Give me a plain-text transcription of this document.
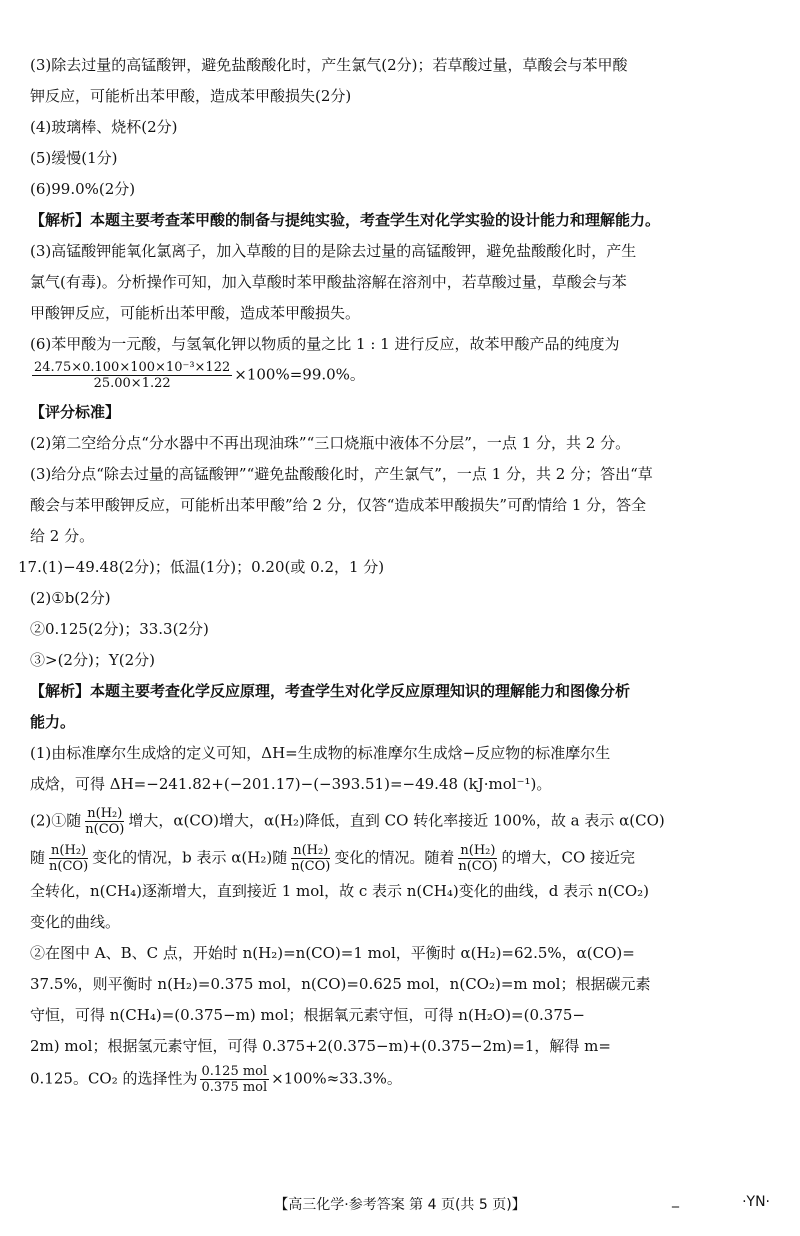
(3)除去过量的高锰酸钾，避免盐酸酸化时，产生氯气(2分)；若草酸过量，草酸会与苯甲酸

钾反应，可能析出苯甲酸，造成苯甲酸损失(2分)

(4)玻璃棒、烧杯(2分)

(5)缓慢(1分)

(6)99.0%(2分)

【解析】本题主要考查苯甲酸的制备与提纯实验，考查学生对化学实验的设计能力和理解能力。

(3)高锰酸钾能氧化氯离子，加入草酸的目的是除去过量的高锰酸钾，避免盐酸酸化时，产生

氯气(有毒)。分析操作可知，加入草酸时苯甲酸盐溶解在溶剂中，若草酸过量，草酸会与苯

甲酸钾反应，可能析出苯甲酸，造成苯甲酸损失。

(6)苯甲酸为一元酸，与氢氧化钾以物质的量之比 1 : 1 进行反应，故苯甲酸产品的纯度为

$\frac{\text{24.75×0.100×100×10⁻³×122}}{25.00\times 1.22} \times 100\%=99.0\%$。

【评分标准】

(2)第二空给分点“分水器中不再出现油珠”“三口烧瓶中液体不分层”，一点 1 分，共 2 分。

(3)给分点“除去过量的高锰酸钾”“避免盐酸酸化时，产生氯气”，一点 1 分，共 2 分；答出“草

酸会与苯甲酸钾反应，可能析出苯甲酸”给 2 分，仅答“造成苯甲酸损失”可酌情给 1 分，答全

给 2 分。

17.(1)−49.48(2分)；低温(1分)；0.20(或 0.2，1 分)

(2)①b(2分)

②0.125(2分)；33.3(2分)

③>(2分)；Y(2分)

【解析】本题主要考查化学反应原理，考查学生对化学反应原理知识的理解能力和图像分析

能力。

(1)由标准摩尔生成焓的定义可知，ΔH=生成物的标准摩尔生成焓−反应物的标准摩尔生

成焓，可得 ΔH=−241.82+(−201.17)−(−393.51)=−49.48 (kJ·mol⁻¹)。

(2)①随 $\frac{\text{n(H₂)}}{n(CO)}$ 增大，α(CO)增大，α(H₂)降低，直到 CO 转化率接近 100%，故 a 表示 α(CO)

随 $\frac{\text{n(H₂)}}{n(CO)}$ 变化的情况，b 表示 α(H₂)随 $\frac{\text{n(H₂)}}{n(CO)}$ 变化的情况。随着 $\frac{\text{n(H₂)}}{n(CO)}$ 的增大，CO 接近完

全转化，n(CH₄)逐渐增大，直到接近 1 mol，故 c 表示 n(CH₄)变化的曲线，d 表示 n(CO₂)

变化的曲线。

②在图中 A、B、C 点，开始时 n(H₂)=n(CO)=1 mol，平衡时 α(H₂)=62.5%，α(CO)=

37.5%，则平衡时 n(H₂)=0.375 mol，n(CO)=0.625 mol，n(CO₂)=m mol；根据碳元素

守恒，可得 n(CH₄)=(0.375−m) mol；根据氧元素守恒，可得 n(H₂O)=(0.375−

2m) mol；根据氢元素守恒，可得 0.375+2(0.375−m)+(0.375−2m)=1，解得 m=

0.125。CO₂ 的选择性为 $\frac{\text{0.125 mol}}{\text{0.375 mol}} \times 100\%\approx 33.3\%$。

【高三化学·参考答案 第 4 页(共 5 页)】	_	·YN·
